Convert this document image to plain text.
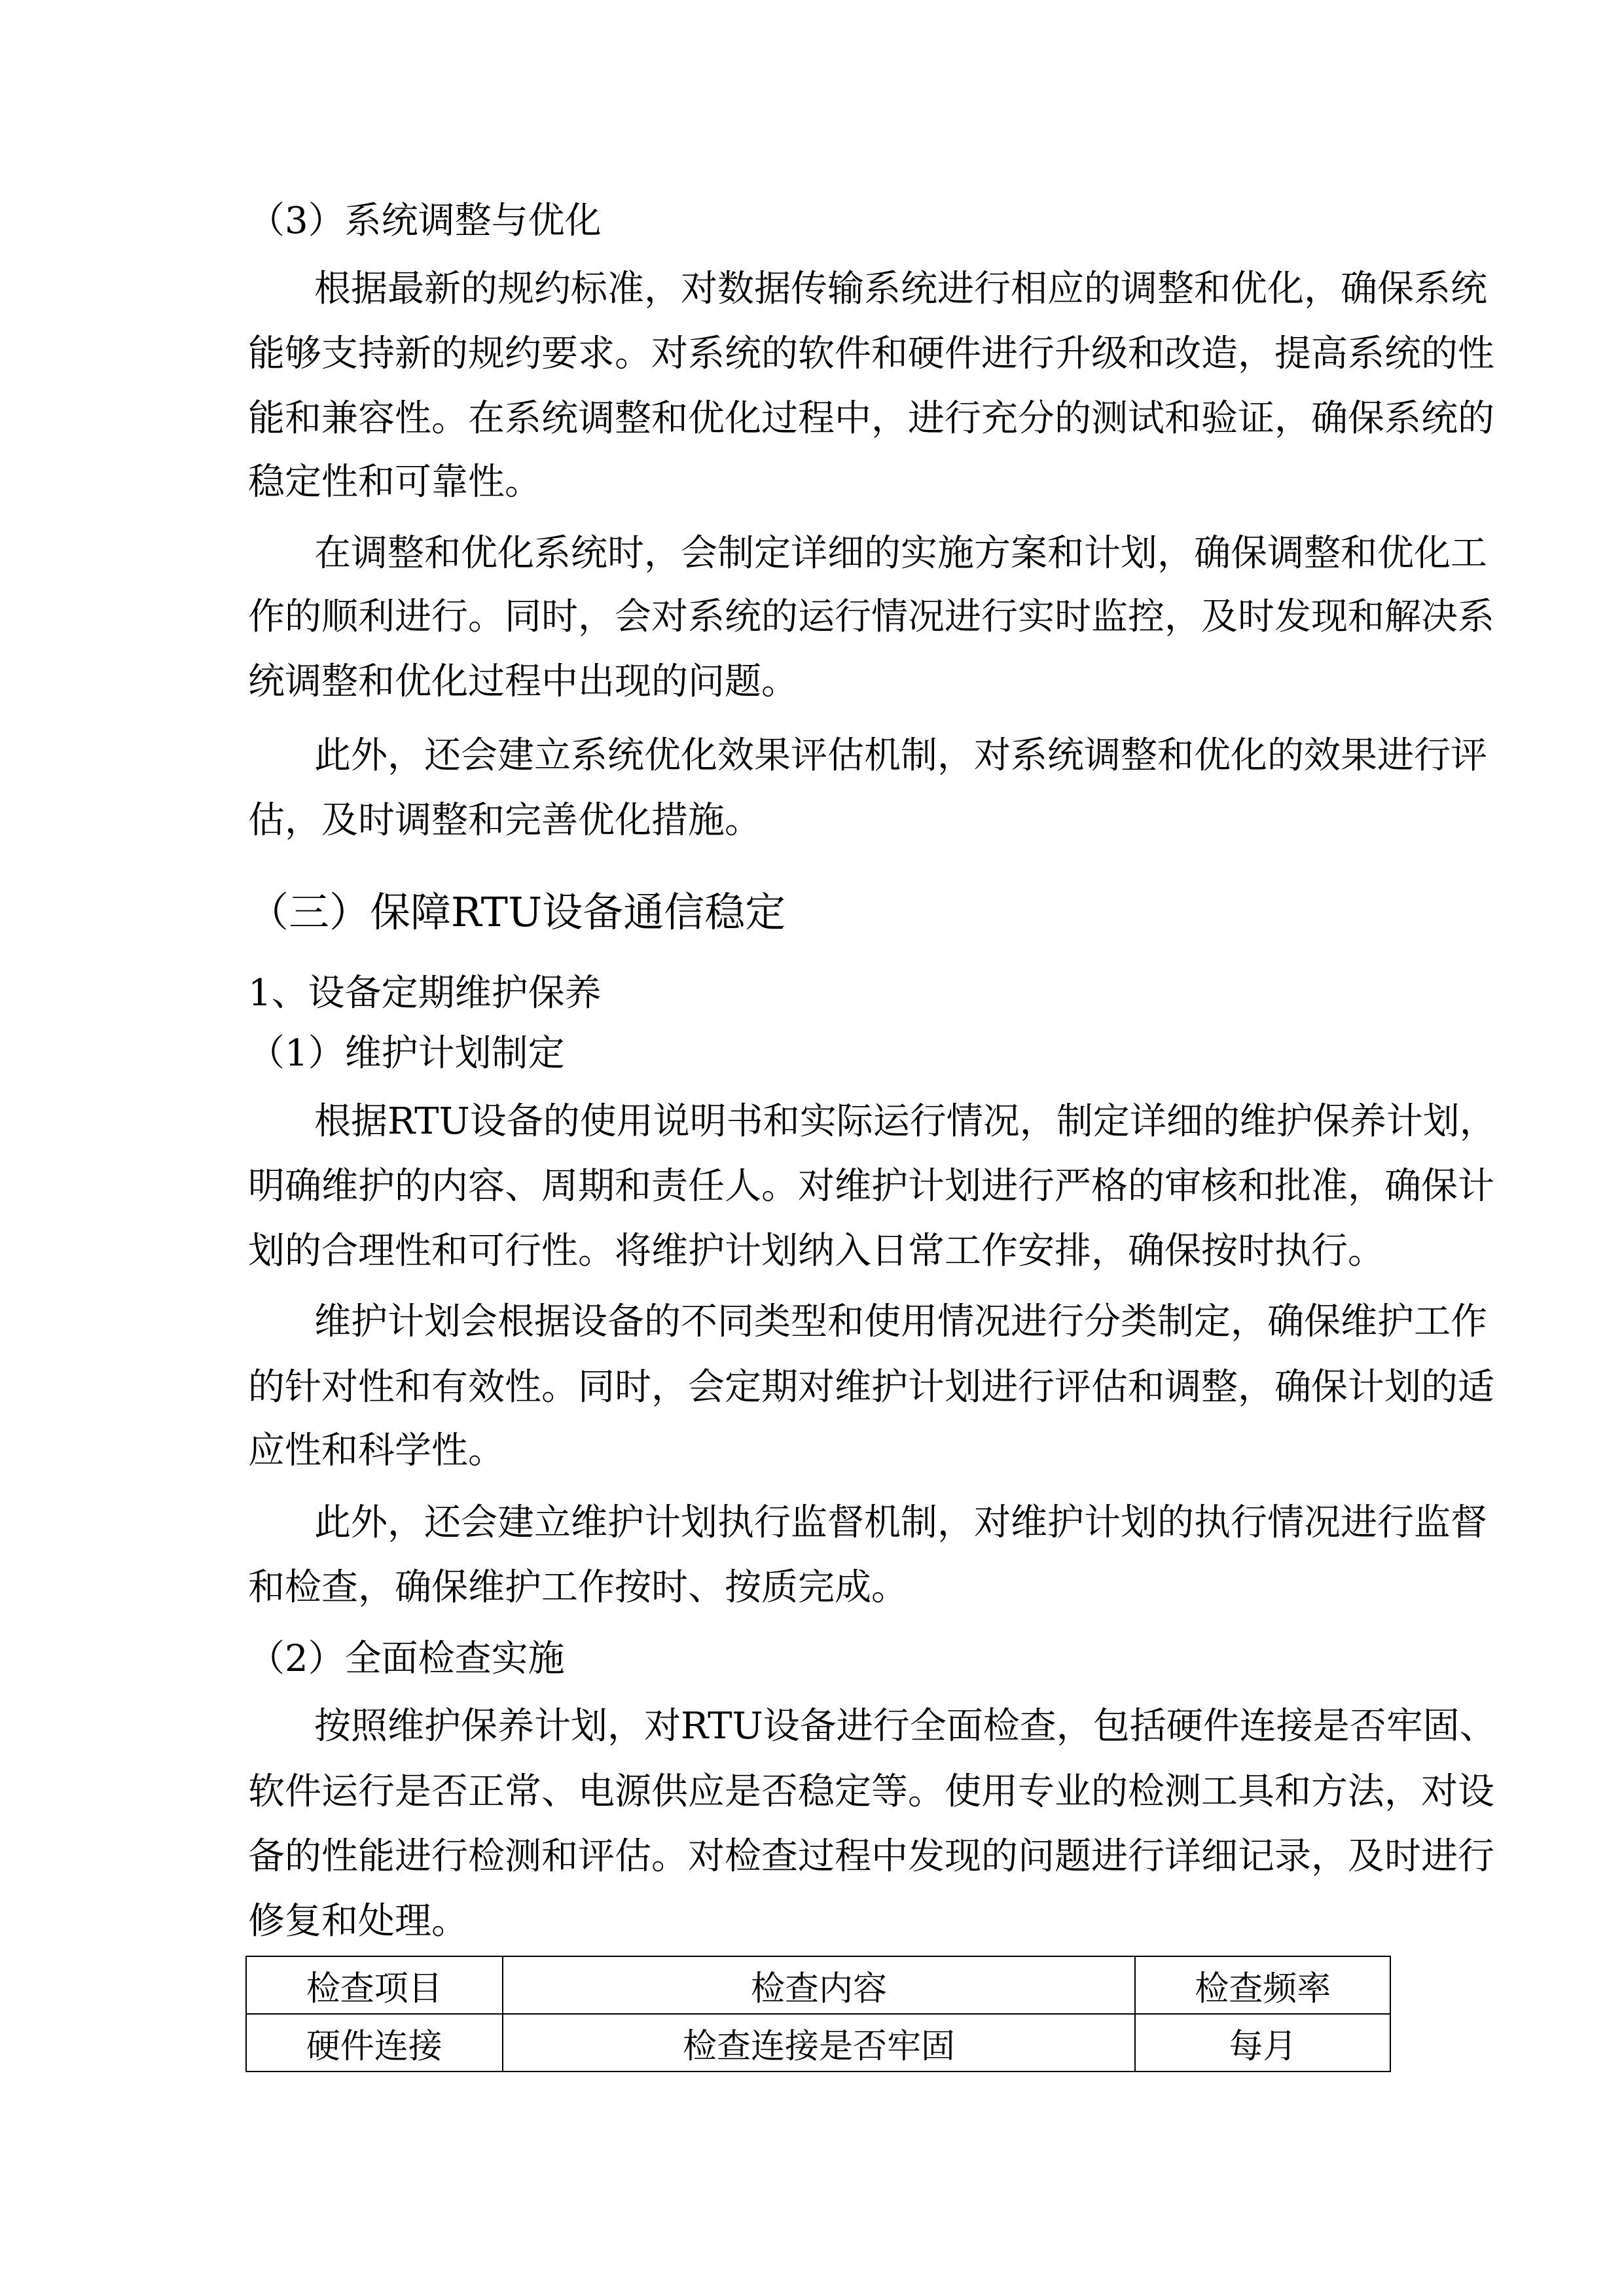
（3）系统调整与优化
根据最新的规约标准，对数据传输系统进行相应的调整和优化，确保系统
能够支持新的规约要求。对系统的软件和硬件进行升级和改造，提高系统的性
能和兼容性。在系统调整和优化过程中，进行充分的测试和验证，确保系统的
稳定性和可靠性。
在调整和优化系统时，会制定详细的实施方案和计划，确保调整和优化工
作的顺利进行。同时，会对系统的运行情况进行实时监控，及时发现和解决系
统调整和优化过程中出现的问题。
此外，还会建立系统优化效果评估机制，对系统调整和优化的效果进行评
估，及时调整和完善优化措施。
（三）保障RTU设备通信稳定
1、设备定期维护保养
（1）维护计划制定
根据RTU设备的使用说明书和实际运行情况，制定详细的维护保养计划，
明确维护的内容、周期和责任人。对维护计划进行严格的审核和批准，确保计
划的合理性和可行性。将维护计划纳入日常工作安排，确保按时执行。
维护计划会根据设备的不同类型和使用情况进行分类制定，确保维护工作
的针对性和有效性。同时，会定期对维护计划进行评估和调整，确保计划的适
应性和科学性。
此外，还会建立维护计划执行监督机制，对维护计划的执行情况进行监督
和检查，确保维护工作按时、按质完成。
（2）全面检查实施
按照维护保养计划，对RTU设备进行全面检查，包括硬件连接是否牢固、
软件运行是否正常、电源供应是否稳定等。使用专业的检测工具和方法，对设
备的性能进行检测和评估。对检查过程中发现的问题进行详细记录，及时进行
修复和处理。
检查项目	检查内容	检查频率
硬件连接	检查连接是否牢固	每月
